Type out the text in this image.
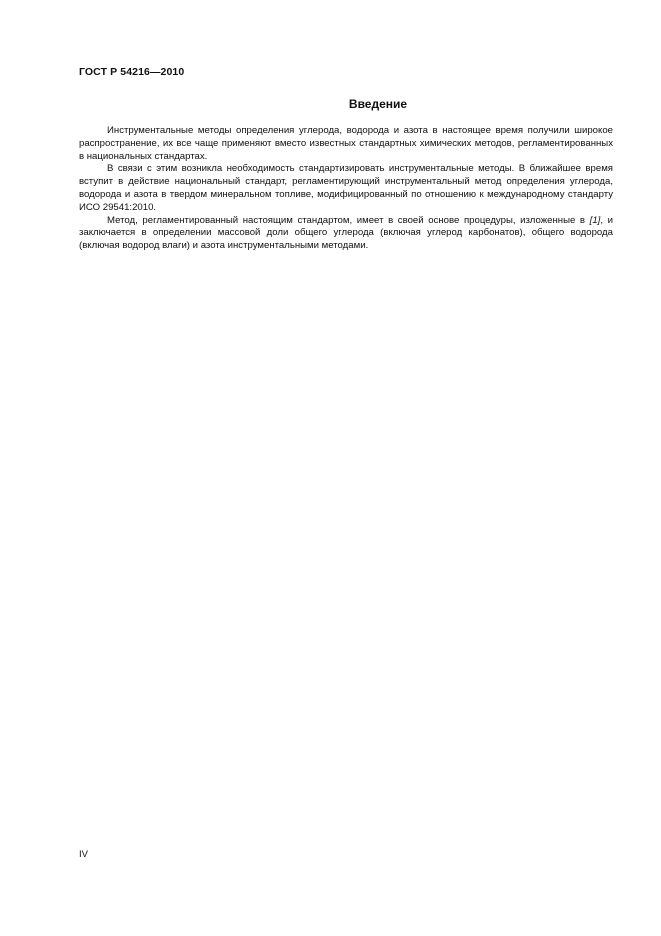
ГОСТ Р 54216—2010
Введение

Инструментальные методы определения углерода, водорода и азота в настоящее время получили широкое распространение, их все чаще применяют вместо известных стандартных химических методов, регламентированных в национальных стандартах.

В связи с этим возникла необходимость стандартизировать инструментальные методы. В ближайшее время вступит в действие национальный стандарт, регламентирующий инструментальный метод определения углерода, водорода и азота в твердом минеральном топливе, модифицированный по отношению к международному стандарту ИСО 29541:2010.

Метод, регламентированный настоящим стандартом, имеет в своей основе процедуры, изложенные в [1], и заключается в определении массовой доли общего углерода (включая углерод карбонатов), общего водорода (включая водород влаги) и азота инструментальными методами.

IV
